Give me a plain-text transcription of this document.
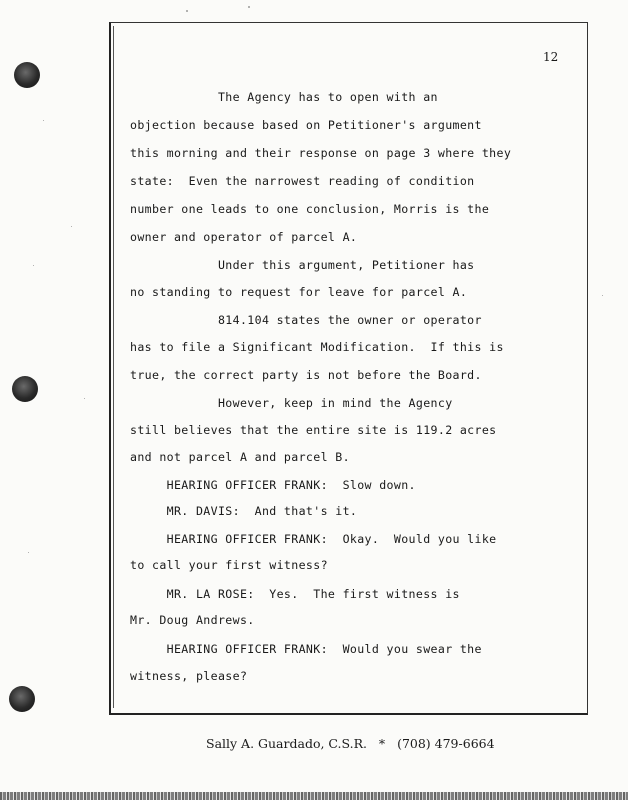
12
The Agency has to open with an
objection because based on Petitioner's argument
this morning and their response on page 3 where they
state:  Even the narrowest reading of condition
number one leads to one conclusion, Morris is the
owner and operator of parcel A.
Under this argument, Petitioner has
no standing to request for leave for parcel A.
814.104 states the owner or operator
has to file a Significant Modification.  If this is
true, the correct party is not before the Board.
However, keep in mind the Agency
still believes that the entire site is 119.2 acres
and not parcel A and parcel B.
HEARING OFFICER FRANK:  Slow down.
MR. DAVIS:  And that's it.
HEARING OFFICER FRANK:  Okay.  Would you like
to call your first witness?
MR. LA ROSE:  Yes.  The first witness is
Mr. Doug Andrews.
HEARING OFFICER FRANK:  Would you swear the
witness, please?
Sally A. Guardado, C.S.R.   *   (708) 479-6664
